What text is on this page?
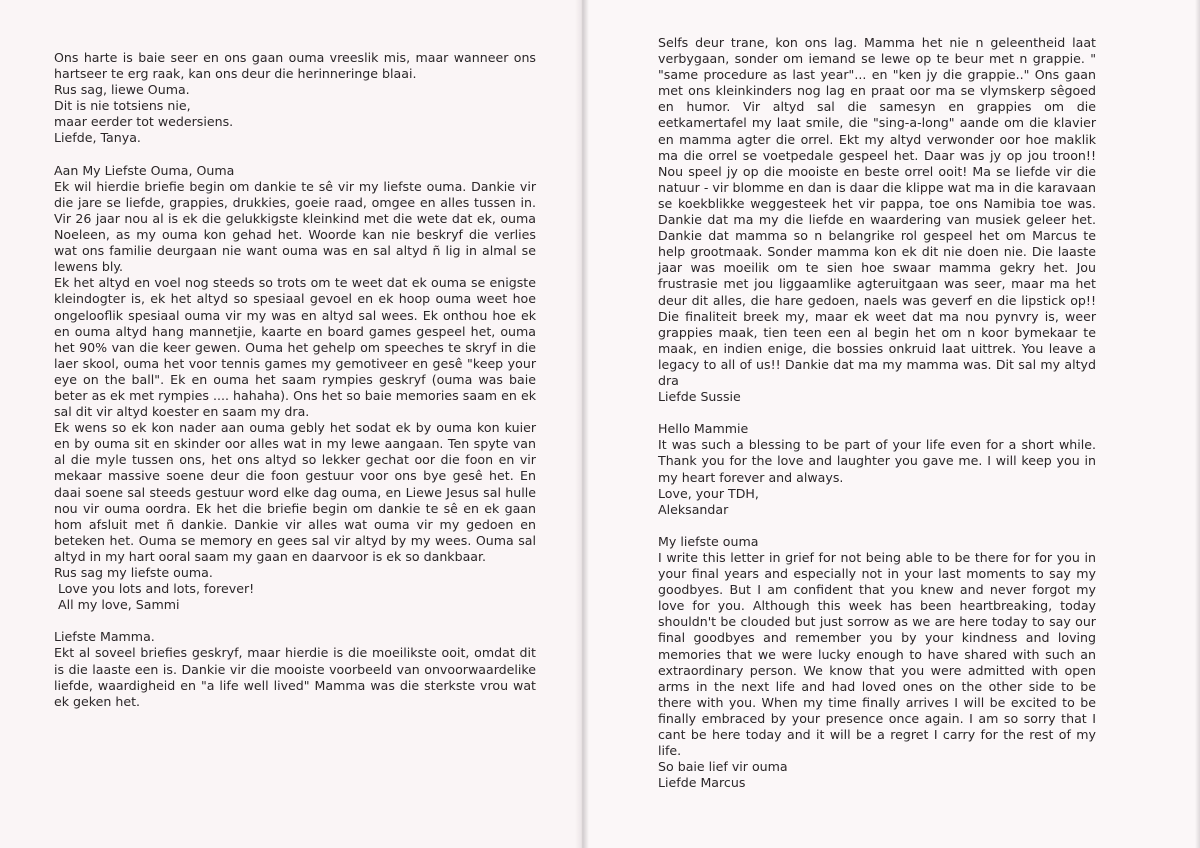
Ons harte is baie seer en ons gaan ouma vreeslik mis, maar wanneer ons hartseer te erg raak, kan ons deur die herinneringe blaai.
Rus sag, liewe Ouma.
Dit is nie totsiens nie,
maar eerder tot wedersiens.
Liefde, Tanya.
Aan My Liefste Ouma, Ouma
Ek wil hierdie briefie begin om dankie te sê vir my liefste ouma. Dankie vir die jare se liefde, grappies, drukkies, goeie raad, omgee en alles tussen in. Vir 26 jaar nou al is ek die gelukkigste kleinkind met die wete dat ek, ouma Noeleen, as my ouma kon gehad het. Woorde kan nie beskryf die verlies wat ons familie deurgaan nie want ouma was en sal altyd ñ lig in almal se lewens bly.
Ek het altyd en voel nog steeds so trots om te weet dat ek ouma se enigste kleindogter is, ek het altyd so spesiaal gevoel en ek hoop ouma weet hoe ongelooflik spesiaal ouma vir my was en altyd sal wees. Ek onthou hoe ek en ouma altyd hang mannetjie, kaarte en board games gespeel het, ouma het 90% van die keer gewen. Ouma het gehelp om speeches te skryf in die laer skool, ouma het voor tennis games my gemotiveer en gesê "keep your eye on the ball". Ek en ouma het saam rympies geskryf (ouma was baie beter as ek met rympies .... hahaha). Ons het so baie memories saam en ek sal dit vir altyd koester en saam my dra.
Ek wens so ek kon nader aan ouma gebly het sodat ek by ouma kon kuier en by ouma sit en skinder oor alles wat in my lewe aangaan. Ten spyte van al die myle tussen ons, het ons altyd so lekker gechat oor die foon en vir mekaar massive soene deur die foon gestuur voor ons bye gesê het. En daai soene sal steeds gestuur word elke dag ouma, en Liewe Jesus sal hulle nou vir ouma oordra. Ek het die briefie begin om dankie te sê en ek gaan hom afsluit met ñ dankie. Dankie vir alles wat ouma vir my gedoen en beteken het. Ouma se memory en gees sal vir altyd by my wees. Ouma sal altyd in my hart ooral saam my gaan en daarvoor is ek so dankbaar.
Rus sag my liefste ouma.
Love you lots and lots, forever!
All my love, Sammi
Liefste Mamma.
Ekt al soveel briefies geskryf, maar hierdie is die moeilikste ooit, omdat dit is die laaste een is. Dankie vir die mooiste voorbeeld van onvoorwaardelike liefde, waardigheid en "a life well lived" Mamma was die sterkste vrou wat ek geken het.
Selfs deur trane, kon ons lag. Mamma het nie n geleentheid laat verbygaan, sonder om iemand se lewe op te beur met n grappie. " "same procedure as last year"... en "ken jy die grappie.." Ons gaan met ons kleinkinders nog lag en praat oor ma se vlymskerp sêgoed en humor. Vir altyd sal die samesyn en grappies om die eetkamertafel my laat smile, die "sing-a-long" aande om die klavier en mamma agter die orrel. Ekt my altyd verwonder oor hoe maklik ma die orrel se voetpedale gespeel het. Daar was jy op jou troon!! Nou speel jy op die mooiste en beste orrel ooit! Ma se liefde vir die natuur - vir blomme en dan is daar die klippe wat ma in die karavaan se koekblikke weggesteek het vir pappa, toe ons Namibia toe was. Dankie dat ma my die liefde en waardering van musiek geleer het. Dankie dat mamma so n belangrike rol gespeel het om Marcus te help grootmaak. Sonder mamma kon ek dit nie doen nie. Die laaste jaar was moeilik om te sien hoe swaar mamma gekry het. Jou frustrasie met jou liggaamlike agteruitgaan was seer, maar ma het deur dit alles, die hare gedoen, naels was geverf en die lipstick op!! Die finaliteit breek my, maar ek weet dat ma nou pynvry is, weer grappies maak, tien teen een al begin het om n koor bymekaar te maak, en indien enige, die bossies onkruid laat uittrek. You leave a legacy to all of us!! Dankie dat ma my mamma was. Dit sal my altyd dra
Liefde Sussie
Hello Mammie
It was such a blessing to be part of your life even for a short while. Thank you for the love and laughter you gave me. I will keep you in my heart forever and always.
Love, your TDH,
Aleksandar
My liefste ouma
I write this letter in grief for not being able to be there for for you in your final years and especially not in your last moments to say my goodbyes. But I am confident that you knew and never forgot my love for you. Although this week has been heartbreaking, today shouldn't be clouded but just sorrow as we are here today to say our final goodbyes and remember you by your kindness and loving memories that we were lucky enough to have shared with such an extraordinary person. We know that you were admitted with open arms in the next life and had loved ones on the other side to be there with you. When my time finally arrives I will be excited to be finally embraced by your presence once again. I am so sorry that I cant be here today and it will be a regret I carry for the rest of my life.
So baie lief vir ouma
Liefde Marcus
